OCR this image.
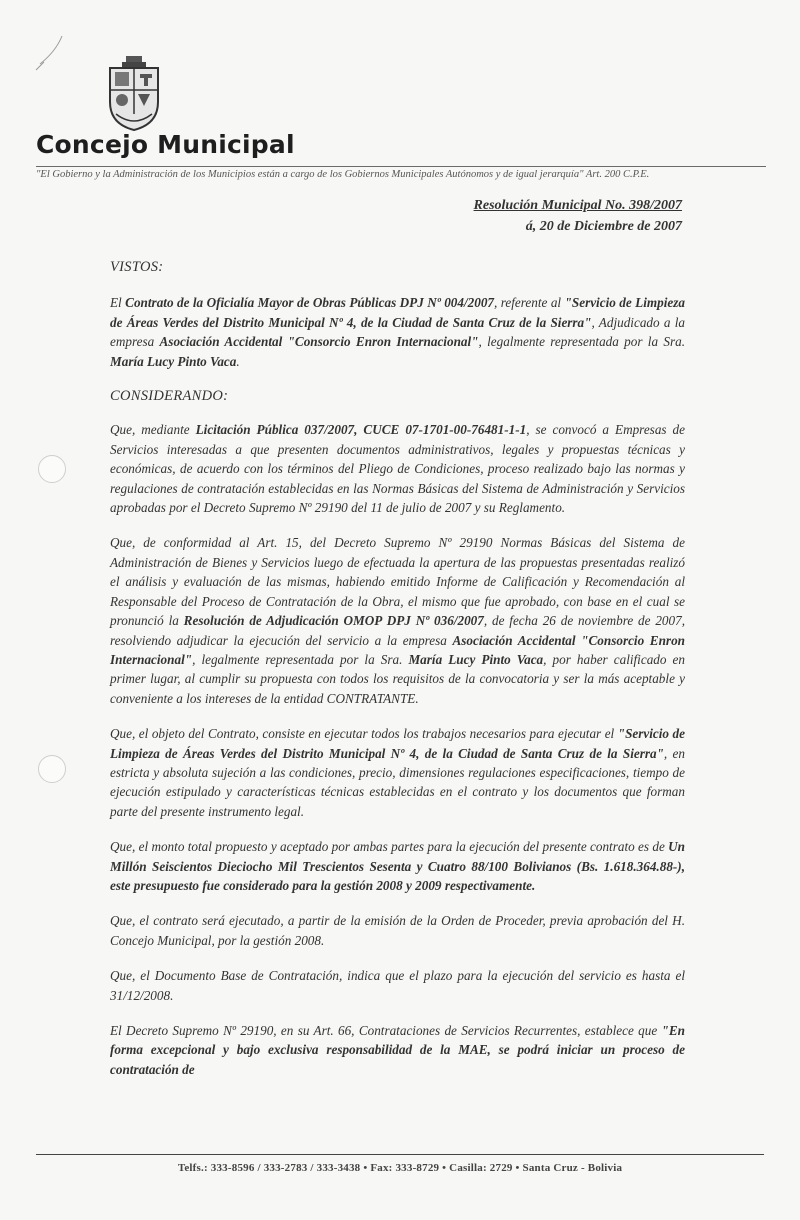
Concejo Municipal
"El Gobierno y la Administración de los Municipios están a cargo de los Gobiernos Municipales Autónomos y de igual jerarquía" Art. 200 C.P.E.
Resolución Municipal No. 398/2007
á, 20 de Diciembre de 2007
VISTOS:

El Contrato de la Oficialía Mayor de Obras Públicas DPJ Nº 004/2007, referente al "Servicio de Limpieza de Áreas Verdes del Distrito Municipal Nº 4, de la Ciudad de Santa Cruz de la Sierra", Adjudicado a la empresa Asociación Accidental "Consorcio Enron Internacional", legalmente representada por la Sra. María Lucy Pinto Vaca.

CONSIDERANDO:

Que, mediante Licitación Pública 037/2007, CUCE 07-1701-00-76481-1-1, se convocó a Empresas de Servicios interesadas a que presenten documentos administrativos, legales y propuestas técnicas y económicas, de acuerdo con los términos del Pliego de Condiciones, proceso realizado bajo las normas y regulaciones de contratación establecidas en las Normas Básicas del Sistema de Administración y Servicios aprobadas por el Decreto Supremo Nº 29190 del 11 de julio de 2007 y su Reglamento.

Que, de conformidad al Art. 15, del Decreto Supremo Nº 29190 Normas Básicas del Sistema de Administración de Bienes y Servicios luego de efectuada la apertura de las propuestas presentadas realizó el análisis y evaluación de las mismas, habiendo emitido Informe de Calificación y Recomendación al Responsable del Proceso de Contratación de la Obra, el mismo que fue aprobado, con base en el cual se pronunció la Resolución de Adjudicación OMOP DPJ Nº 036/2007, de fecha 26 de noviembre de 2007, resolviendo adjudicar la ejecución del servicio a la empresa Asociación Accidental "Consorcio Enron Internacional", legalmente representada por la Sra. María Lucy Pinto Vaca, por haber calificado en primer lugar, al cumplir su propuesta con todos los requisitos de la convocatoria y ser la más aceptable y conveniente a los intereses de la entidad CONTRATANTE.

Que, el objeto del Contrato, consiste en ejecutar todos los trabajos necesarios para ejecutar el "Servicio de Limpieza de Áreas Verdes del Distrito Municipal Nº 4, de la Ciudad de Santa Cruz de la Sierra", en estricta y absoluta sujeción a las condiciones, precio, dimensiones regulaciones especificaciones, tiempo de ejecución estipulado y características técnicas establecidas en el contrato y los documentos que forman parte del presente instrumento legal.

Que, el monto total propuesto y aceptado por ambas partes para la ejecución del presente contrato es de Un Millón Seiscientos Dieciocho Mil Trescientos Sesenta y Cuatro 88/100 Bolivianos (Bs. 1.618.364.88-), este presupuesto fue considerado para la gestión 2008 y 2009 respectivamente.

Que, el contrato será ejecutado, a partir de la emisión de la Orden de Proceder, previa aprobación del H. Concejo Municipal, por la gestión 2008.

Que, el Documento Base de Contratación, indica que el plazo para la ejecución del servicio es hasta el 31/12/2008.

El Decreto Supremo Nº 29190, en su Art. 66, Contrataciones de Servicios Recurrentes, establece que "En forma excepcional y bajo exclusiva responsabilidad de la MAE, se podrá iniciar un proceso de contratación de

Telfs.: 333-8596 / 333-2783 / 333-3438 • Fax: 333-8729 • Casilla: 2729 • Santa Cruz - Bolivia
